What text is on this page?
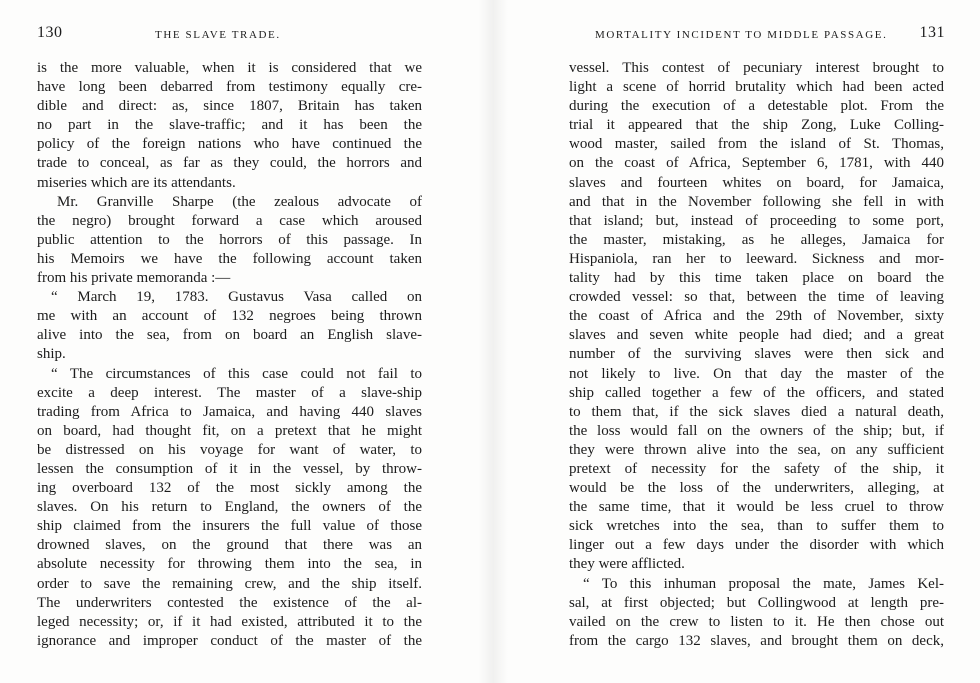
130	THE SLAVE TRADE.
is the more valuable, when it is considered that we
have long been debarred from testimony equally cre-
dible and direct: as, since 1807, Britain has taken
no part in the slave-traffic; and it has been the
policy of the foreign nations who have continued the
trade to conceal, as far as they could, the horrors and
miseries which are its attendants.
Mr. Granville Sharpe (the zealous advocate of
the negro) brought forward a case which aroused
public attention to the horrors of this passage. In
his Memoirs we have the following account taken
from his private memoranda :—
“ March 19, 1783. Gustavus Vasa called on
me with an account of 132 negroes being thrown
alive into the sea, from on board an English slave-
ship.
“ The circumstances of this case could not fail to
excite a deep interest. The master of a slave-ship
trading from Africa to Jamaica, and having 440 slaves
on board, had thought fit, on a pretext that he might
be distressed on his voyage for want of water, to
lessen the consumption of it in the vessel, by throw-
ing overboard 132 of the most sickly among the
slaves. On his return to England, the owners of the
ship claimed from the insurers the full value of those
drowned slaves, on the ground that there was an
absolute necessity for throwing them into the sea, in
order to save the remaining crew, and the ship itself.
The underwriters contested the existence of the al-
leged necessity; or, if it had existed, attributed it to the
ignorance and improper conduct of the master of the
MORTALITY INCIDENT TO MIDDLE PASSAGE. 131
vessel. This contest of pecuniary interest brought to
light a scene of horrid brutality which had been acted
during the execution of a detestable plot. From the
trial it appeared that the ship Zong, Luke Colling-
wood master, sailed from the island of St. Thomas,
on the coast of Africa, September 6, 1781, with 440
slaves and fourteen whites on board, for Jamaica,
and that in the November following she fell in with
that island; but, instead of proceeding to some port,
the master, mistaking, as he alleges, Jamaica for
Hispaniola, ran her to leeward. Sickness and mor-
tality had by this time taken place on board the
crowded vessel: so that, between the time of leaving
the coast of Africa and the 29th of November, sixty
slaves and seven white people had died; and a great
number of the surviving slaves were then sick and
not likely to live. On that day the master of the
ship called together a few of the officers, and stated
to them that, if the sick slaves died a natural death,
the loss would fall on the owners of the ship; but, if
they were thrown alive into the sea, on any sufficient
pretext of necessity for the safety of the ship, it
would be the loss of the underwriters, alleging, at
the same time, that it would be less cruel to throw
sick wretches into the sea, than to suffer them to
linger out a few days under the disorder with which
they were afflicted.
“ To this inhuman proposal the mate, James Kel-
sal, at first objected; but Collingwood at length pre-
vailed on the crew to listen to it. He then chose out
from the cargo 132 slaves, and brought them on deck,
